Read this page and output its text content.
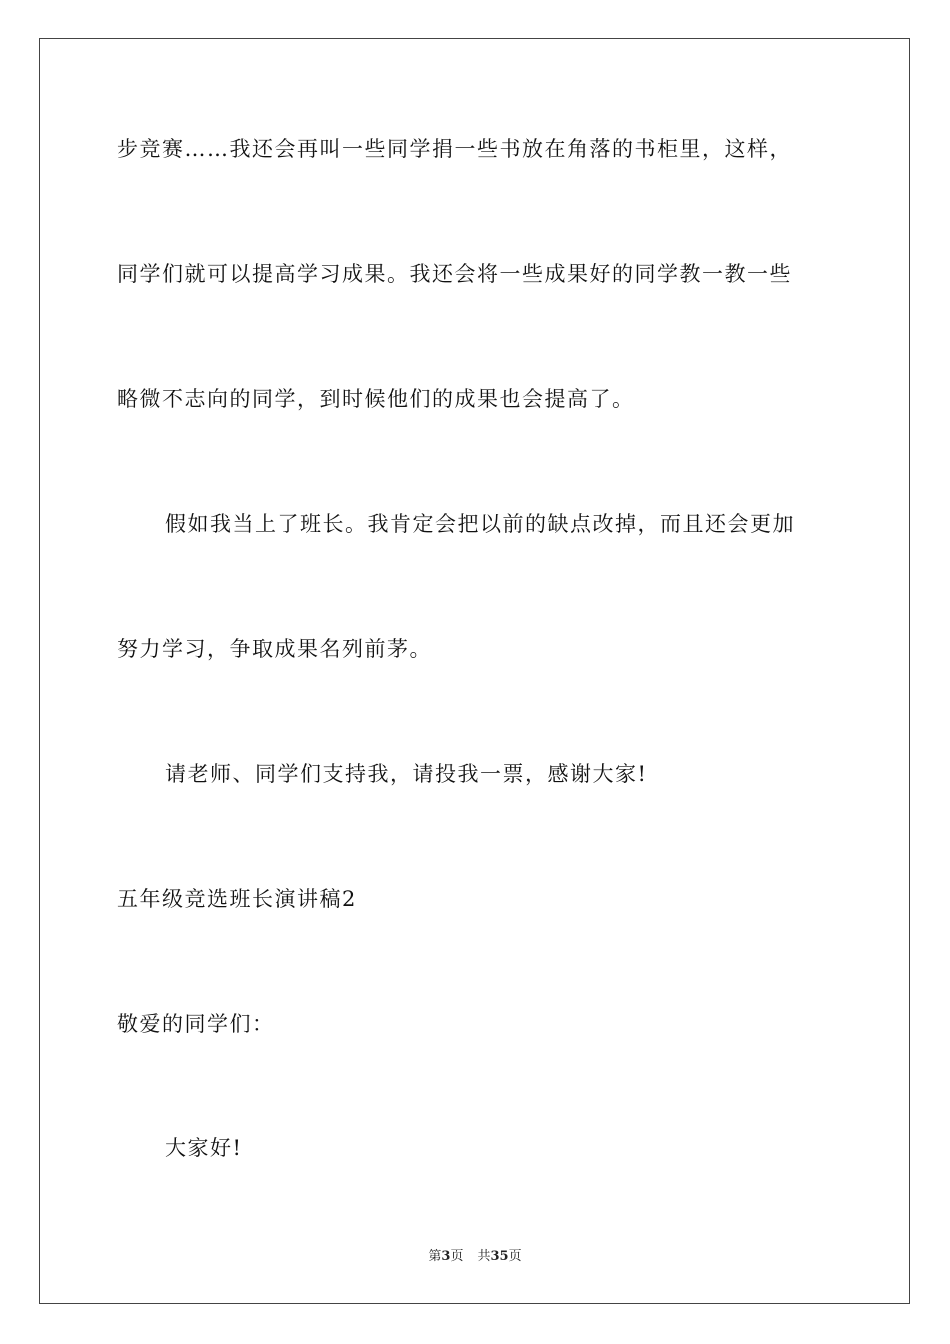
步竞赛……我还会再叫一些同学捐一些书放在角落的书柜里，这样，
同学们就可以提高学习成果。我还会将一些成果好的同学教一教一些
略微不志向的同学，到时候他们的成果也会提高了。
假如我当上了班长。我肯定会把以前的缺点改掉，而且还会更加
努力学习，争取成果名列前茅。
请老师、同学们支持我，请投我一票，感谢大家!
五年级竞选班长演讲稿2
敬爱的同学们：
大家好!
第3页 共35页
